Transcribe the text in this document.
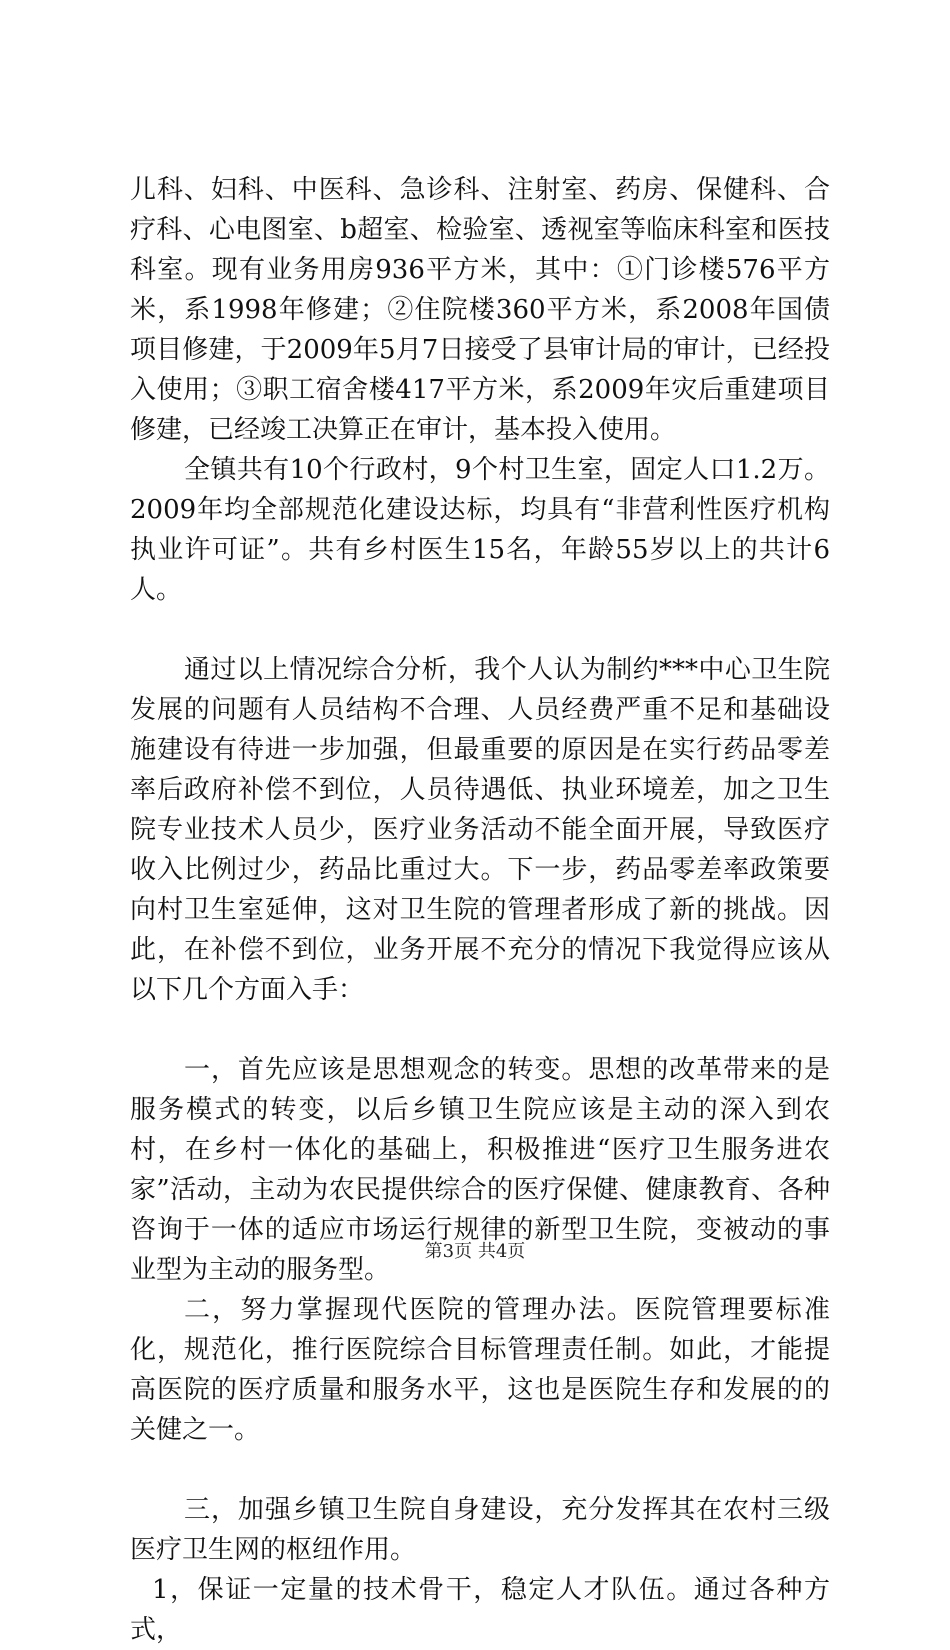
儿科、妇科、中医科、急诊科、注射室、药房、保健科、合疗科、心电图室、b超室、检验室、透视室等临床科室和医技科室。现有业务用房936平方米，其中：①门诊楼576平方米，系1998年修建；②住院楼360平方米，系2008年国债项目修建，于2009年5月7日接受了县审计局的审计，已经投入使用；③职工宿舍楼417平方米，系2009年灾后重建项目修建，已经竣工决算正在审计，基本投入使用。

全镇共有10个行政村，9个村卫生室，固定人口1.2万。2009年均全部规范化建设达标，均具有“非营利性医疗机构执业许可证”。共有乡村医生15名，年龄55岁以上的共计6人。

通过以上情况综合分析，我个人认为制约***中心卫生院发展的问题有人员结构不合理、人员经费严重不足和基础设施建设有待进一步加强，但最重要的原因是在实行药品零差率后政府补偿不到位，人员待遇低、执业环境差，加之卫生院专业技术人员少，医疗业务活动不能全面开展，导致医疗收入比例过少，药品比重过大。下一步，药品零差率政策要向村卫生室延伸，这对卫生院的管理者形成了新的挑战。因此，在补偿不到位，业务开展不充分的情况下我觉得应该从以下几个方面入手：

一，首先应该是思想观念的转变。思想的改革带来的是服务模式的转变，以后乡镇卫生院应该是主动的深入到农村，在乡村一体化的基础上，积极推进“医疗卫生服务进农家”活动，主动为农民提供综合的医疗保健、健康教育、各种咨询于一体的适应市场运行规律的新型卫生院，变被动的事业型为主动的服务型。

二，努力掌握现代医院的管理办法。医院管理要标准化，规范化，推行医院综合目标管理责任制。如此，才能提高医院的医疗质量和服务水平，这也是医院生存和发展的的关健之一。

三，加强乡镇卫生院自身建设，充分发挥其在农村三级医疗卫生网的枢纽作用。

1，保证一定量的技术骨干，稳定人才队伍。通过各种方式，

第3页 共4页
